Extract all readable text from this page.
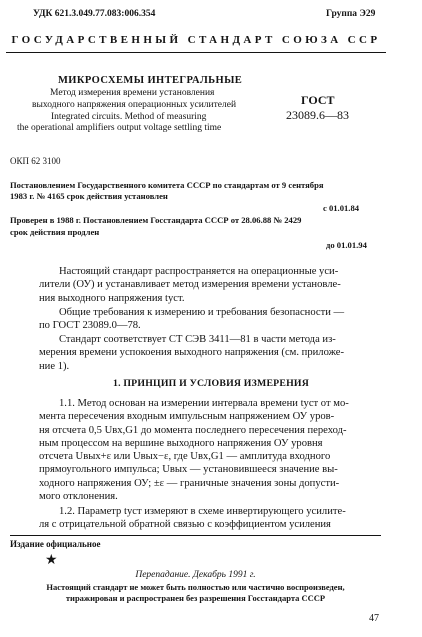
УДК 621.3.049.77.083:006.354	Группа Э29
ГОСУДАРСТВЕННЫЙ СТАНДАРТ СОЮЗА ССР
МИКРОСХЕМЫ ИНТЕГРАЛЬНЫЕ
Метод измерения времени установления
выходного напряжения операционных усилителей
Integrated circuits. Method of measuring
the operational amplifiers output voltage settling time
ГОСТ
23089.6—83
ОКП 62 3100
Постановлением Государственного комитета СССР по стандартам от 9 сентября
1983 г. № 4165 срок действия установлен
с 01.01.84
Проверен в 1988 г. Постановлением Госстандарта СССР от 28.06.88 № 2429
срок действия продлен
до 01.01.94
Настоящий стандарт распространяется на операционные уси-
лители (ОУ) и устанавливает метод измерения времени установле-
ния выходного напряжения tуст.
Общие требования к измерению и требования безопасности —
по ГОСТ 23089.0—78.
Стандарт соответствует СТ СЭВ 3411—81 в части метода из-
мерения времени успокоения выходного напряжения (см. приложе-
ние 1).
1. ПРИНЦИП И УСЛОВИЯ ИЗМЕРЕНИЯ
1.1. Метод основан на измерении интервала времени tуст от мо-
мента пересечения входным импульсным напряжением ОУ уров-
ня отсчета 0,5 Uвх,G1 до момента последнего пересечения переход-
ным процессом на вершине выходного напряжения ОУ уровня
отсчета Uвых+ε или Uвых−ε, где Uвх,G1 — амплитуда входного
прямоугольного импульса; Uвых — установившееся значение вы-
ходного напряжения ОУ; ±ε — граничные значения зоны допусти-
мого отклонения.
1.2. Параметр tуст измеряют в схеме инвертирующего усилите-
ля с отрицательной обратной связью с коэффициентом усиления
Издание официальное
★
Перепадание. Декабрь 1991 г.
Настоящий стандарт не может быть полностью или частично воспроизведен,
тиражирован и распространен без разрешения Госстандарта СССР
47
